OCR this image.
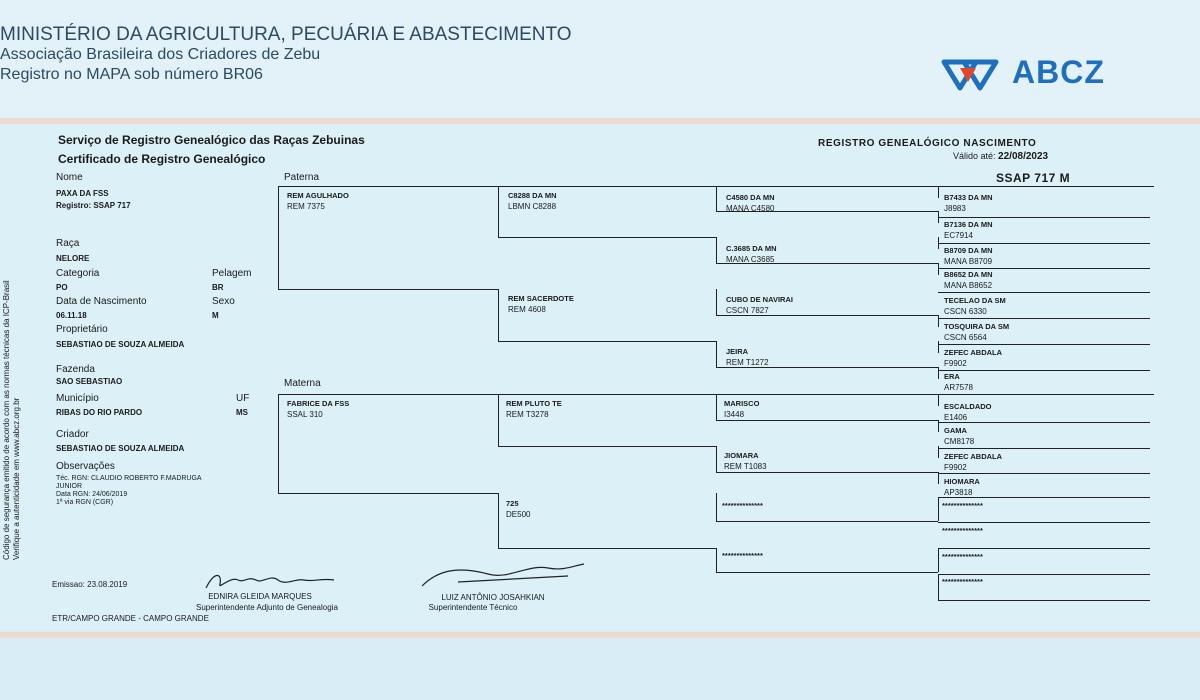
MINISTÉRIO DA AGRICULTURA, PECUÁRIA E ABASTECIMENTO
Associação Brasileira dos Criadores de Zebu
Registro no MAPA sob número BR06	ABCZ
Código de segurança emitido de acordo com as normas técnicas da ICP-Brasil Verifique a autenticidade em www.abcz.org.br
Serviço de Registro Genealógico das Raças Zebuinas
Certificado de Registro Genealógico
REGISTRO GENEALÓGICO NASCIMENTO
Válido até: 22/08/2023
SSAP 717 M
Nome
PAXA DA FSS
Registro: SSAP 717
Raça
NELORE
Categoria	Pelagem
PO	BR
Data de Nascimento	Sexo
06.11.18	M
Proprietário
SEBASTIAO DE SOUZA ALMEIDA
Fazenda
SAO SEBASTIAO
Município	UF
RIBAS DO RIO PARDO	MS
Criador
SEBASTIAO DE SOUZA ALMEIDA
Observações
Téc. RGN: CLAUDIO ROBERTO F.MADRUGA
JUNIOR
Data RGN: 24/06/2019
1ª via RGN (CGR)
Paterna
Materna
REM AGULHADO
REM 7375
C8288 DA MN
LBMN C8288
REM SACERDOTE
REM 4608
C4580 DA MN
MANA C4580
C.3685 DA MN
MANA C3685
CUBO DE NAVIRAI
CSCN 7827
JEIRA
REM T1272
FABRICE DA FSS
SSAL 310
REM PLUTO TE
REM T3278
725
DE500
MARISCO
I3448
JIOMARA
REM T1083
**************
**************
B7433 DA MN
J8983
B7136 DA MN
EC7914
B8709 DA MN
MANA B8709
B8652 DA MN
MANA B8652
TECELAO DA SM
CSCN 6330
TOSQUIRA DA SM
CSCN 6564
ZEFEC ABDALA
F9902
ERA
AR7578
ESCALDADO
E1406
GAMA
CM8178
ZEFEC ABDALA
F9902
HIOMARA
AP3818
**************
**************
**************
**************
Emissao: 23.08.2019
EDNIRA GLEIDA MARQUES
Superintendente Adjunto de Genealogia
LUIZ ANTÔNIO JOSAHKIAN
Superintendente Técnico
ETR/CAMPO GRANDE - CAMPO GRANDE
